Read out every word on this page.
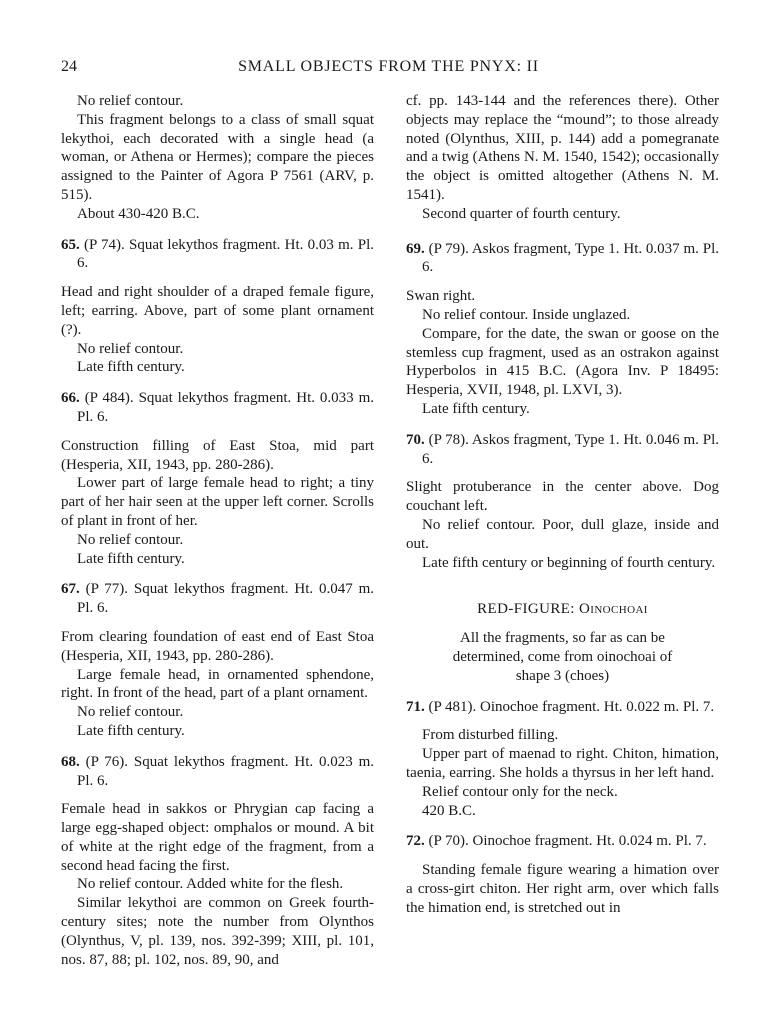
24	SMALL OBJECTS FROM THE PNYX: II

No relief contour.

This fragment belongs to a class of small squat lekythoi, each decorated with a single head (a woman, or Athena or Hermes); compare the pieces assigned to the Painter of Agora P 7561 (ARV, p. 515).

About 430-420 B.C.

65. (P 74). Squat lekythos fragment. Ht. 0.03 m. Pl. 6.

Head and right shoulder of a draped female figure, left; earring. Above, part of some plant ornament (?).

No relief contour.

Late fifth century.

66. (P 484). Squat lekythos fragment. Ht. 0.033 m. Pl. 6.

Construction filling of East Stoa, mid part (Hesperia, XII, 1943, pp. 280-286).

Lower part of large female head to right; a tiny part of her hair seen at the upper left corner. Scrolls of plant in front of her.

No relief contour.

Late fifth century.

67. (P 77). Squat lekythos fragment. Ht. 0.047 m. Pl. 6.

From clearing foundation of east end of East Stoa (Hesperia, XII, 1943, pp. 280-286).

Large female head, in ornamented sphendone, right. In front of the head, part of a plant ornament.

No relief contour.

Late fifth century.

68. (P 76). Squat lekythos fragment. Ht. 0.023 m. Pl. 6.

Female head in sakkos or Phrygian cap facing a large egg-shaped object: omphalos or mound. A bit of white at the right edge of the fragment, from a second head facing the first.

No relief contour. Added white for the flesh.

Similar lekythoi are common on Greek fourth-century sites; note the number from Olynthos (Olynthus, V, pl. 139, nos. 392-399; XIII, pl. 101, nos. 87, 88; pl. 102, nos. 89, 90, and

cf. pp. 143-144 and the references there). Other objects may replace the “mound”; to those already noted (Olynthus, XIII, p. 144) add a pomegranate and a twig (Athens N. M. 1540, 1542); occasionally the object is omitted altogether (Athens N. M. 1541).

Second quarter of fourth century.

69. (P 79). Askos fragment, Type 1. Ht. 0.037 m. Pl. 6.

Swan right.

No relief contour. Inside unglazed.

Compare, for the date, the swan or goose on the stemless cup fragment, used as an ostrakon against Hyperbolos in 415 B.C. (Agora Inv. P 18495: Hesperia, XVII, 1948, pl. LXVI, 3).

Late fifth century.

70. (P 78). Askos fragment, Type 1. Ht. 0.046 m. Pl. 6.

Slight protuberance in the center above. Dog couchant left.

No relief contour. Poor, dull glaze, inside and out.

Late fifth century or beginning of fourth century.

RED-FIGURE: Oinochoai

All the fragments, so far as can be determined, come from oinochoai of shape 3 (choes)

71. (P 481). Oinochoe fragment. Ht. 0.022 m. Pl. 7.

From disturbed filling.

Upper part of maenad to right. Chiton, himation, taenia, earring. She holds a thyrsus in her left hand.

Relief contour only for the neck.

420 B.C.

72. (P 70). Oinochoe fragment. Ht. 0.024 m. Pl. 7.

Standing female figure wearing a himation over a cross-girt chiton. Her right arm, over which falls the himation end, is stretched out in
